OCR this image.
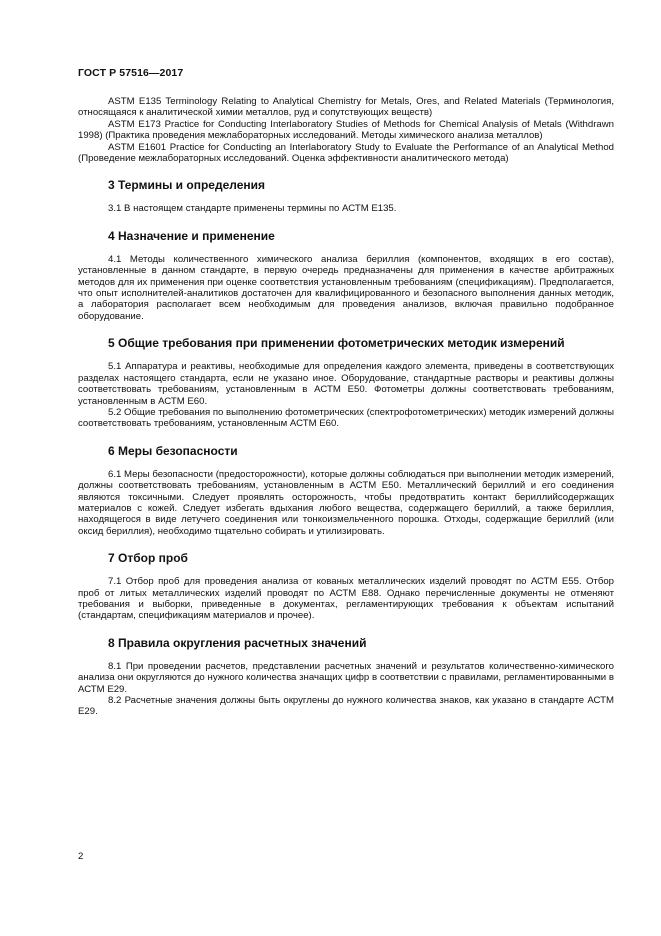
ГОСТ Р 57516—2017

ASTM E135 Terminology Relating to Analytical Chemistry for Metals, Ores, and Related Materials (Терминология, относящаяся к аналитической химии металлов, руд и сопутствующих веществ)

ASTM E173 Practice for Conducting Interlaboratory Studies of Methods for Chemical Analysis of Metals (Withdrawn 1998) (Практика проведения межлабораторных исследований. Методы химического анализа металлов)

ASTM E1601 Practice for Conducting an Interlaboratory Study to Evaluate the Performance of an Analytical Method (Проведение межлабораторных исследований. Оценка эффективности аналитического метода)

3 Термины и определения

3.1 В настоящем стандарте применены термины по АСТМ Е135.

4 Назначение и применение

4.1 Методы количественного химического анализа бериллия (компонентов, входящих в его состав), установленные в данном стандарте, в первую очередь предназначены для применения в качестве арбитражных методов для их применения при оценке соответствия установленным требованиям (спецификациям). Предполагается, что опыт исполнителей-аналитиков достаточен для квалифицированного и безопасного выполнения данных методик, а лаборатория располагает всем необходимым для проведения анализов, включая правильно подобранное оборудование.

5 Общие требования при применении фотометрических методик измерений

5.1 Аппаратура и реактивы, необходимые для определения каждого элемента, приведены в соответствующих разделах настоящего стандарта, если не указано иное. Оборудование, стандартные растворы и реактивы должны соответствовать требованиям, установленным в АСТМ Е50. Фотометры должны соответствовать требованиям, установленным в АСТМ Е60.

5.2 Общие требования по выполнению фотометрических (спектрофотометрических) методик измерений должны соответствовать требованиям, установленным АСТМ Е60.

6 Меры безопасности

6.1 Меры безопасности (предосторожности), которые должны соблюдаться при выполнении методик измерений, должны соответствовать требованиям, установленным в АСТМ Е50. Металлический бериллий и его соединения являются токсичными. Следует проявлять осторожность, чтобы предотвратить контакт бериллийсодержащих материалов с кожей. Следует избегать вдыхания любого вещества, содержащего бериллий, а также бериллия, находящегося в виде летучего соединения или тонкоизмельченного порошка. Отходы, содержащие бериллий (или оксид бериллия), необходимо тщательно собирать и утилизировать.

7 Отбор проб

7.1 Отбор проб для проведения анализа от кованых металлических изделий проводят по АСТМ Е55. Отбор проб от литых металлических изделий проводят по АСТМ Е88. Однако перечисленные документы не отменяют требования и выборки, приведенные в документах, регламентирующих требования к объектам испытаний (стандартам, спецификациям материалов и прочее).

8 Правила округления расчетных значений

8.1 При проведении расчетов, представлении расчетных значений и результатов количественно-химического анализа они округляются до нужного количества значащих цифр в соответствии с правилами, регламентированными в АСТМ Е29.

8.2 Расчетные значения должны быть округлены до нужного количества знаков, как указано в стандарте АСТМ Е29.

2
